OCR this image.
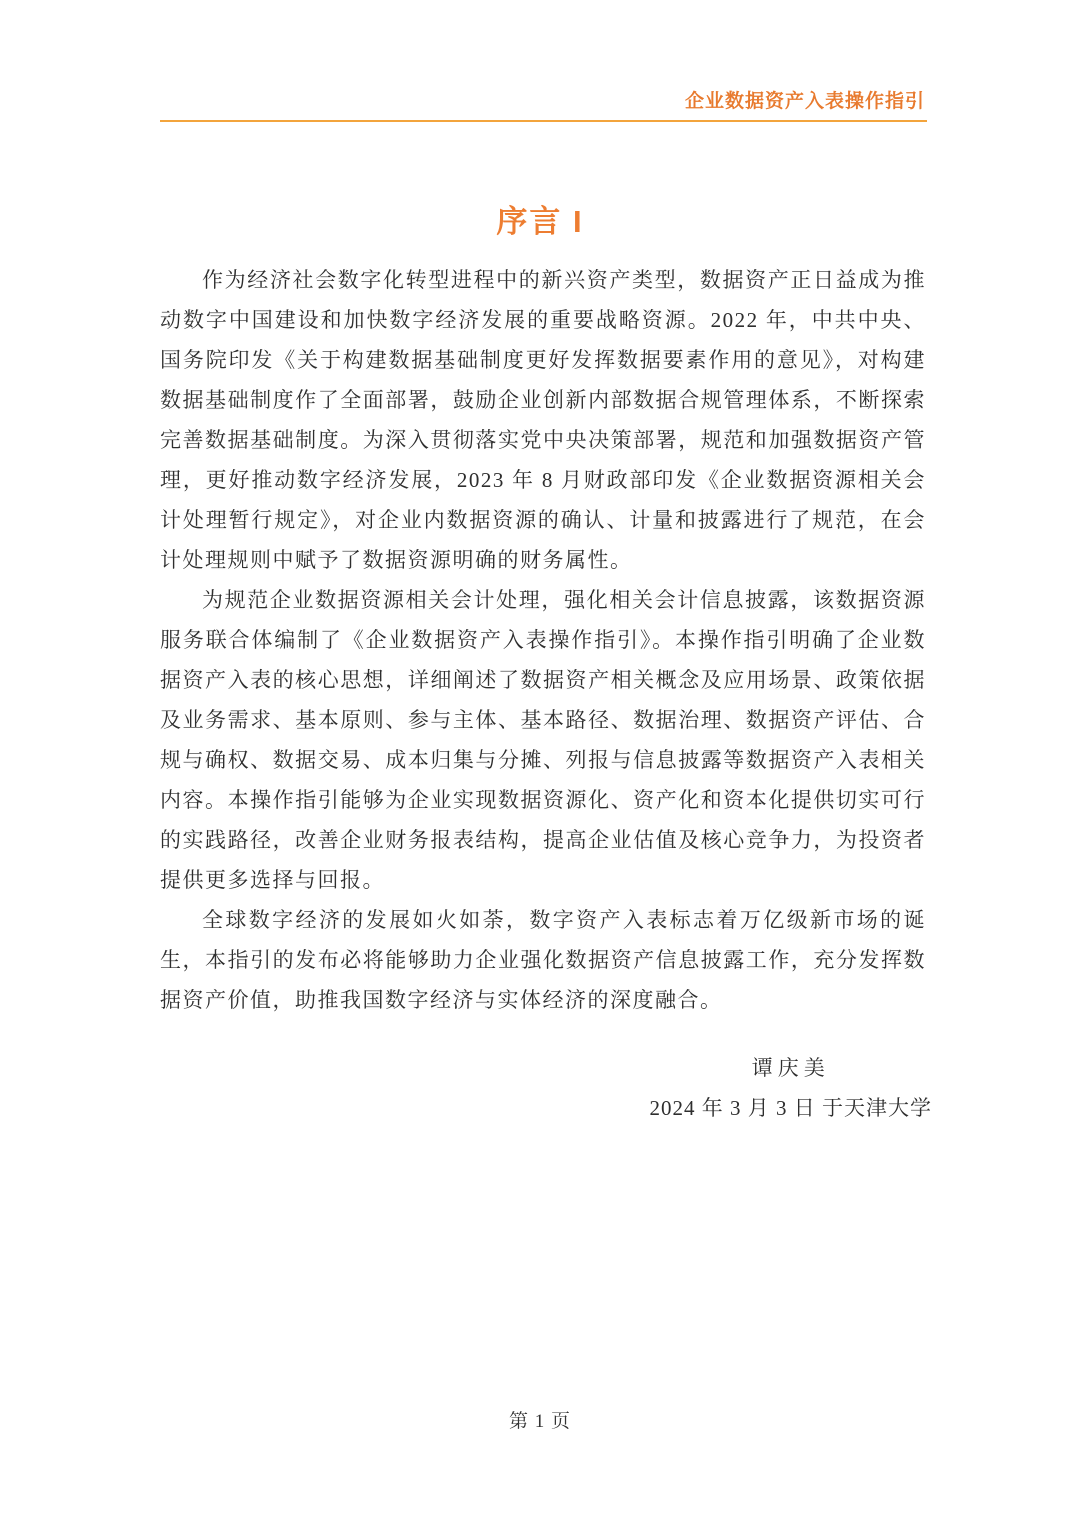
企业数据资产入表操作指引
序言 I

作为经济社会数字化转型进程中的新兴资产类型，数据资产正日益成为推动数字中国建设和加快数字经济发展的重要战略资源。2022 年，中共中央、国务院印发《关于构建数据基础制度更好发挥数据要素作用的意见》，对构建数据基础制度作了全面部署，鼓励企业创新内部数据合规管理体系，不断探索完善数据基础制度。为深入贯彻落实党中央决策部署，规范和加强数据资产管理，更好推动数字经济发展，2023 年 8 月财政部印发《企业数据资源相关会计处理暂行规定》，对企业内数据资源的确认、计量和披露进行了规范，在会计处理规则中赋予了数据资源明确的财务属性。

为规范企业数据资源相关会计处理，强化相关会计信息披露，该数据资源服务联合体编制了《企业数据资产入表操作指引》。本操作指引明确了企业数据资产入表的核心思想，详细阐述了数据资产相关概念及应用场景、政策依据及业务需求、基本原则、参与主体、基本路径、数据治理、数据资产评估、合规与确权、数据交易、成本归集与分摊、列报与信息披露等数据资产入表相关内容。本操作指引能够为企业实现数据资源化、资产化和资本化提供切实可行的实践路径，改善企业财务报表结构，提高企业估值及核心竞争力，为投资者提供更多选择与回报。

全球数字经济的发展如火如荼，数字资产入表标志着万亿级新市场的诞生，本指引的发布必将能够助力企业强化数据资产信息披露工作，充分发挥数据资产价值，助推我国数字经济与实体经济的深度融合。

谭庆美
2024 年 3 月 3 日 于天津大学
第 1 页
